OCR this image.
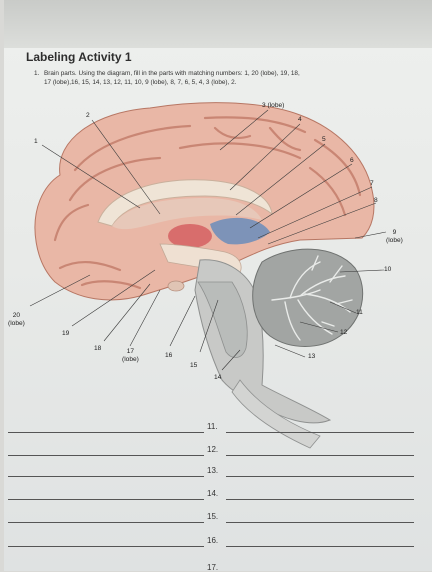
Labeling Activity 1
1. Brain parts. Using the diagram, fill in the parts with matching numbers: 1, 20 (lobe), 19, 18,
17 (lobe),16, 15, 14, 13, 12, 11, 10, 9 (lobe), 8, 7, 6, 5, 4, 3 (lobe), 2.
1
2
3 (lobe)
4
5
6
7
8
9
(lobe)
10
11
12
13
14
15
16
17
(lobe)
18
19
20
(lobe)
11.
12.
13.
14.
15.
16.
17.
